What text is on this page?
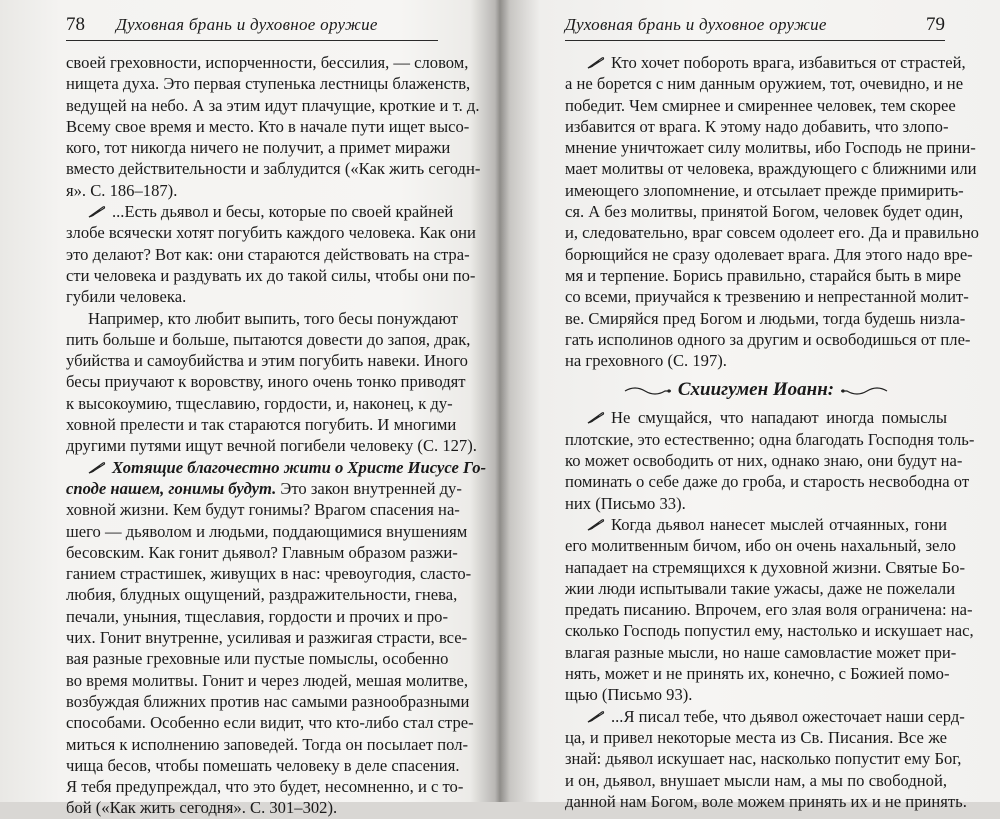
78 Духовная брань и духовное оружие
своей греховности, испорченности, бессилия, — словом,
нищета духа. Это первая ступенька лестницы блаженств,
ведущей на небо. А за этим идут плачущие, кроткие и т. д.
Всему свое время и место. Кто в начале пути ищет высо-
кого, тот никогда ничего не получит, а примет миражи
вместо действительности и заблудится («Как жить сегодн-
я». С. 186–187).
...Есть дьявол и бесы, которые по своей крайней
злобе всячески хотят погубить каждого человека. Как они
это делают? Вот как: они стараются действовать на стра-
сти человека и раздувать их до такой силы, чтобы они по-
губили человека.
Например, кто любит выпить, того бесы понуждают
пить больше и больше, пытаются довести до запоя, драк,
убийства и самоубийства и этим погубить навеки. Иного
бесы приучают к воровству, иного очень тонко приводят
к высокоумию, тщеславию, гордости, и, наконец, к ду-
ховной прелести и так стараются погубить. И многими
другими путями ищут вечной погибели человеку (С. 127).
Хотящие благочестно жити о Христе Иисусе Го-
споде нашем, гонимы будут. Это закон внутренней ду-
ховной жизни. Кем будут гонимы? Врагом спасения на-
шего — дьяволом и людьми, поддающимися внушениям
бесовским. Как гонит дьявол? Главным образом разжи-
ганием страстишек, живущих в нас: чревоугодия, сласто-
любия, блудных ощущений, раздражительности, гнева,
печали, уныния, тщеславия, гордости и прочих и про-
чих. Гонит внутренне, усиливая и разжигая страсти, все-
вая разные греховные или пустые помыслы, особенно
во время молитвы. Гонит и через людей, мешая молитве,
возбуждая ближних против нас самыми разнообразными
способами. Особенно если видит, что кто-либо стал стре-
миться к исполнению заповедей. Тогда он посылает пол-
чища бесов, чтобы помешать человеку в деле спасения.
Я тебя предупреждал, что это будет, несомненно, и с то-
бой («Как жить сегодня». С. 301–302).
Духовная брань и духовное оружие	79
Кто хочет побороть врага, избавиться от страстей,
а не борется с ним данным оружием, тот, очевидно, и не
победит. Чем смирнее и смиреннее человек, тем скорее
избавится от врага. К этому надо добавить, что злопо-
мнение уничтожает силу молитвы, ибо Господь не прини-
мает молитвы от человека, враждующего с ближними или
имеющего злопомнение, и отсылает прежде примирить-
ся. А без молитвы, принятой Богом, человек будет один,
и, следовательно, враг совсем одолеет его. Да и правильно
борющийся не сразу одолевает врага. Для этого надо вре-
мя и терпение. Борись правильно, старайся быть в мире
со всеми, приучайся к трезвению и непрестанной молит-
ве. Смиряйся пред Богом и людьми, тогда будешь низла-
гать исполинов одного за другим и освободишься от пле-
на греховного (С. 197).
Схиигумен Иоанн:
Не смущайся, что нападают иногда помыслы
плотские, это естественно; одна благодать Господня толь-
ко может освободить от них, однако знаю, они будут на-
поминать о себе даже до гроба, и старость несвободна от
них (Письмо 33).
Когда дьявол нанесет мыслей отчаянных, гони
его молитвенным бичом, ибо он очень нахальный, зело
нападает на стремящихся к духовной жизни. Святые Бо-
жии люди испытывали такие ужасы, даже не пожелали
предать писанию. Впрочем, его злая воля ограничена: на-
сколько Господь попустил ему, настолько и искушает нас,
влагая разные мысли, но наше самовластие может при-
нять, может и не принять их, конечно, с Божией помо-
щью (Письмо 93).
...Я писал тебе, что дьявол ожесточает наши серд-
ца, и привел некоторые места из Св. Писания. Все же
знай: дьявол искушает нас, насколько попустит ему Бог,
и он, дьявол, внушает мысли нам, а мы по свободной,
данной нам Богом, воле можем принять их и не принять.
